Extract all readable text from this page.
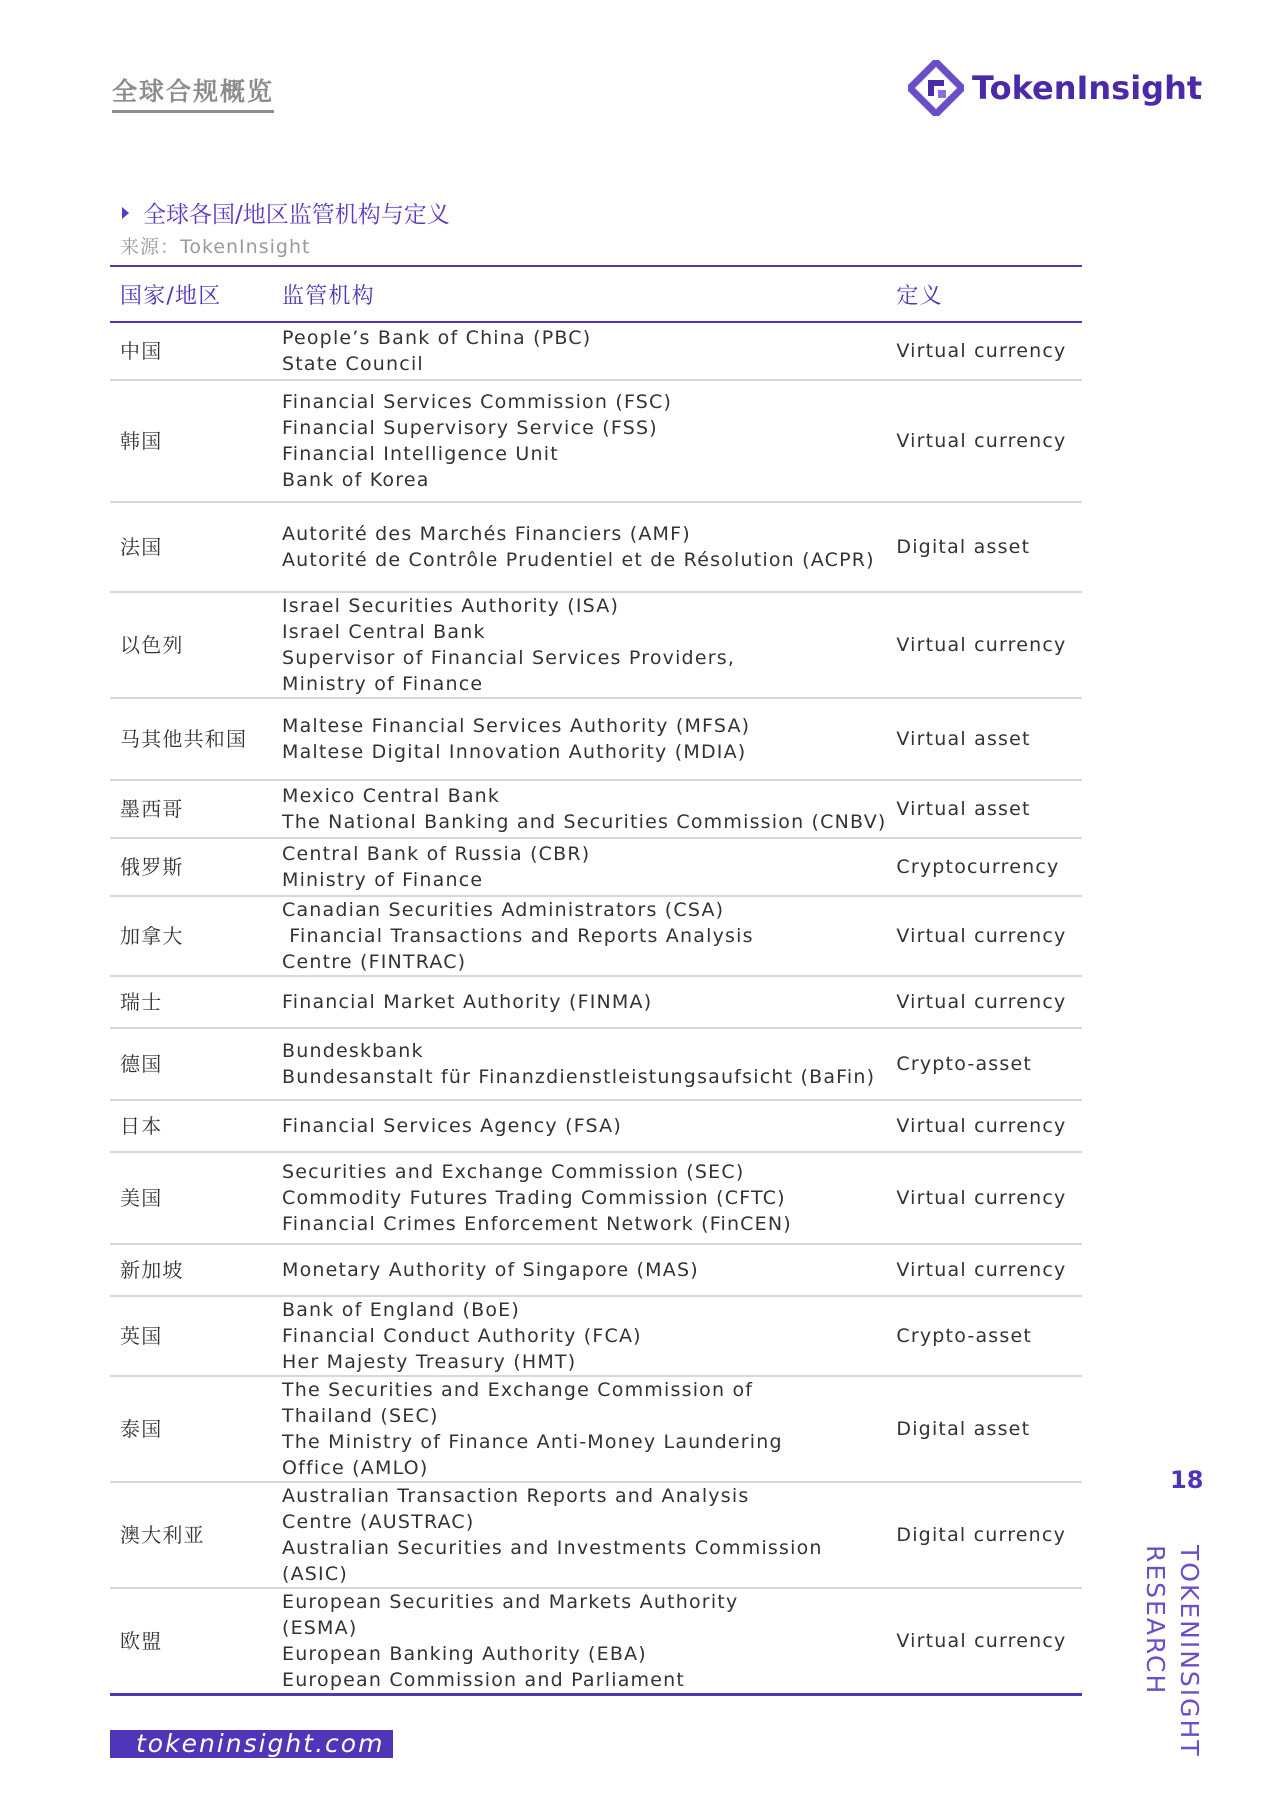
全球合规概览	TokenInsight
全球各国/地区监管机构与定义
来源：TokenInsight
国家/地区	监管机构	定义
中国	People’s Bank of China (PBC)
State Council	Virtual currency
韩国	Financial Services Commission (FSC)
Financial Supervisory Service (FSS)
Financial Intelligence Unit
Bank of Korea	Virtual currency
法国	Autorité des Marchés Financiers (AMF)
Autorité de Contrôle Prudentiel et de Résolution (ACPR)	Digital asset
以色列	Israel Securities Authority (ISA)
Israel Central Bank
Supervisor of Financial Services Providers,
Ministry of Finance	Virtual currency
马其他共和国	Maltese Financial Services Authority (MFSA)
Maltese Digital Innovation Authority (MDIA)	Virtual asset
墨西哥	Mexico Central Bank
The National Banking and Securities Commission (CNBV)	Virtual asset
俄罗斯	Central Bank of Russia (CBR)
Ministry of Finance	Cryptocurrency
加拿大	Canadian Securities Administrators (CSA)
Financial Transactions and Reports Analysis
Centre (FINTRAC)	Virtual currency
瑞士	Financial Market Authority (FINMA)	Virtual currency
德国	Bundeskbank
Bundesanstalt für Finanzdienstleistungsaufsicht (BaFin)	Crypto-asset
日本	Financial Services Agency (FSA)	Virtual currency
美国	Securities and Exchange Commission (SEC)
Commodity Futures Trading Commission (CFTC)
Financial Crimes Enforcement Network (FinCEN)	Virtual currency
新加坡	Monetary Authority of Singapore (MAS)	Virtual currency
英国	Bank of England (BoE)
Financial Conduct Authority (FCA)
Her Majesty Treasury (HMT)	Crypto-asset
泰国	The Securities and Exchange Commission of
Thailand (SEC)
The Ministry of Finance Anti-Money Laundering
Office (AMLO)	Digital asset
澳大利亚	Australian Transaction Reports and Analysis
Centre (AUSTRAC)
Australian Securities and Investments Commission
(ASIC)	Digital currency
欧盟	European Securities and Markets Authority
(ESMA)
European Banking Authority (EBA)
European Commission and Parliament	Virtual currency
18
TOKENINSIGHT
RESEARCH
tokeninsight.com
